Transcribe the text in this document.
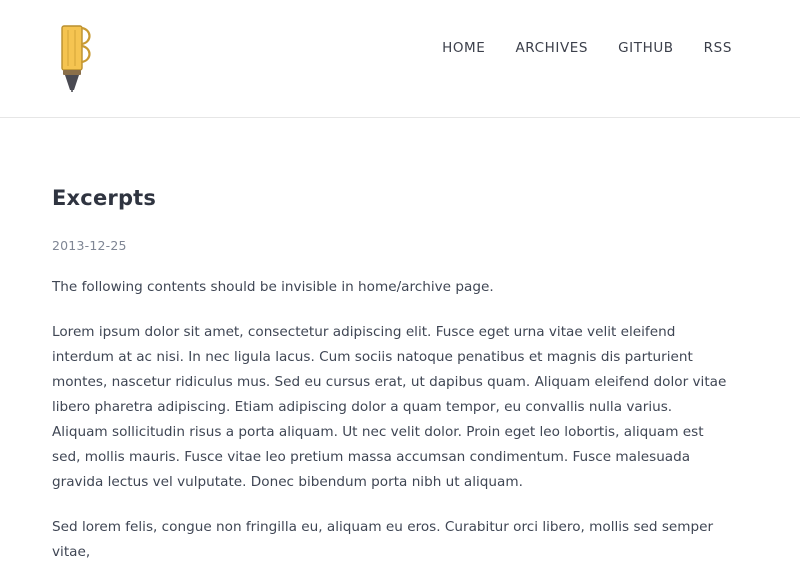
HOME ARCHIVES GITHUB RSS
Excerpts
2013-12-25

The following contents should be invisible in home/archive page.

Lorem ipsum dolor sit amet, consectetur adipiscing elit. Fusce eget urna vitae velit eleifend interdum at ac nisi. In nec ligula lacus. Cum sociis natoque penatibus et magnis dis parturient montes, nascetur ridiculus mus. Sed eu cursus erat, ut dapibus quam. Aliquam eleifend dolor vitae libero pharetra adipiscing. Etiam adipiscing dolor a quam tempor, eu convallis nulla varius. Aliquam sollicitudin risus a porta aliquam. Ut nec velit dolor. Proin eget leo lobortis, aliquam est sed, mollis mauris. Fusce vitae leo pretium massa accumsan condimentum. Fusce malesuada gravida lectus vel vulputate. Donec bibendum porta nibh ut aliquam.

Sed lorem felis, congue non fringilla eu, aliquam eu eros. Curabitur orci libero, mollis sed semper vitae,
